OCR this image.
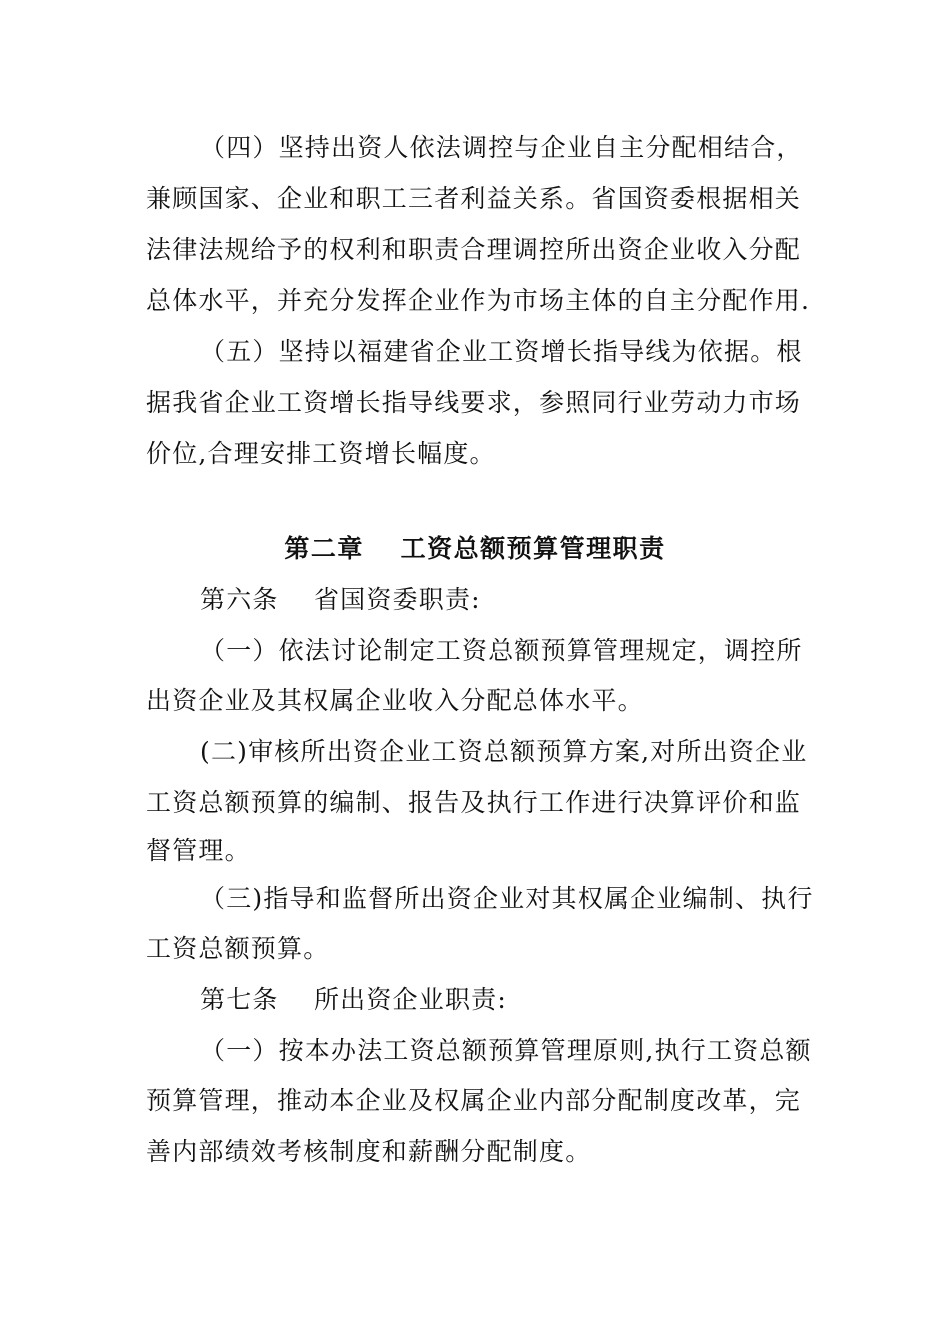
（四）坚持出资人依法调控与企业自主分配相结合，
兼顾国家、企业和职工三者利益关系。省国资委根据相关
法律法规给予的权利和职责合理调控所出资企业收入分配
总体水平，并充分发挥企业作为市场主体的自主分配作用.
（五）坚持以福建省企业工资增长指导线为依据。根
据我省企业工资增长指导线要求，参照同行业劳动力市场
价位,合理安排工资增长幅度。
第二章　 工资总额预算管理职责
第六条　 省国资委职责:
（一）依法讨论制定工资总额预算管理规定，调控所
出资企业及其权属企业收入分配总体水平。
(二)审核所出资企业工资总额预算方案,对所出资企业
工资总额预算的编制、报告及执行工作进行决算评价和监
督管理。
（三)指导和监督所出资企业对其权属企业编制、执行
工资总额预算。
第七条　 所出资企业职责:
（一）按本办法工资总额预算管理原则,执行工资总额
预算管理，推动本企业及权属企业内部分配制度改革，完
善内部绩效考核制度和薪酬分配制度。
